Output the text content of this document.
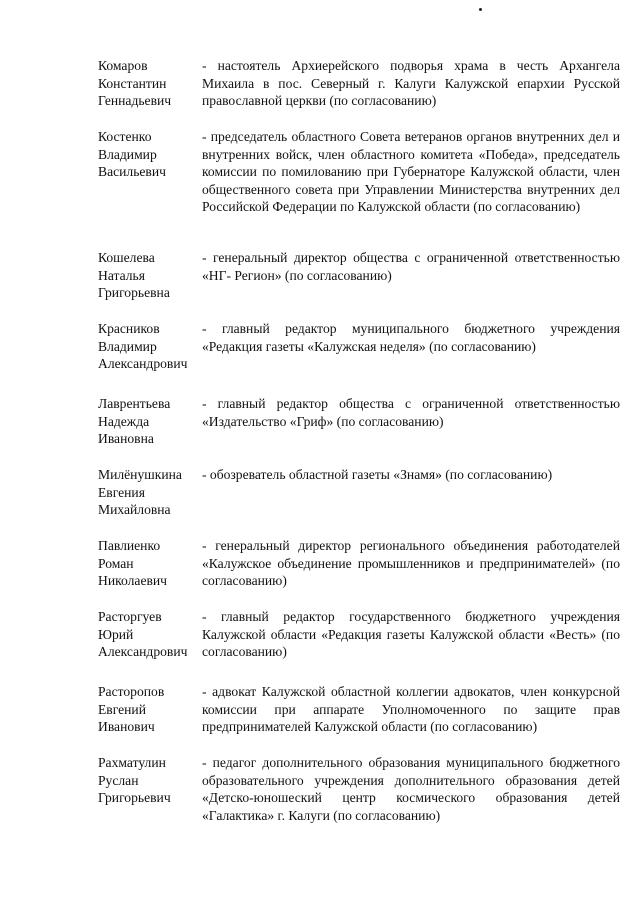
Комаров
Константин
Геннадьевич
- настоятель Архиерейского подворья храма в честь Архангела Михаила в пос. Северный г. Калуги Калужской епархии Русской православной церкви (по согласованию)
Костенко
Владимир
Васильевич
- председатель областного Совета ветеранов органов внутренних дел и внутренних войск, член областного комитета «Победа», председатель комиссии по помилованию при Губернаторе Калужской области, член общественного совета при Управлении Министерства внутренних дел Российской Федерации по Калужской области (по согласованию)
Кошелева
Наталья
Григорьевна
- генеральный директор общества с ограниченной ответственностью «НГ- Регион» (по согласованию)
Красников
Владимир
Александрович
- главный редактор муниципального бюджетного учреждения «Редакция газеты «Калужская неделя» (по согласованию)
Лаврентьева
Надежда
Ивановна
- главный редактор общества с ограниченной ответственностью «Издательство «Гриф» (по согласованию)
Милёнушкина
Евгения
Михайловна
- обозреватель областной газеты «Знамя» (по согласованию)
Павлиенко
Роман
Николаевич
- генеральный директор регионального объединения работодателей «Калужское объединение промышленников и предпринимателей» (по согласованию)
Расторгуев
Юрий
Александрович
- главный редактор государственного бюджетного учреждения Калужской области «Редакция газеты Калужской области «Весть» (по согласованию)
Расторопов
Евгений
Иванович
- адвокат Калужской областной коллегии адвокатов, член конкурсной комиссии при аппарате Уполномоченного по защите прав предпринимателей Калужской области (по согласованию)
Рахматулин
Руслан
Григорьевич
- педагог дополнительного образования муниципального бюджетного образовательного учреждения дополнительного образования детей «Детско-юношеский центр космического образования детей «Галактика» г. Калуги (по согласованию)
